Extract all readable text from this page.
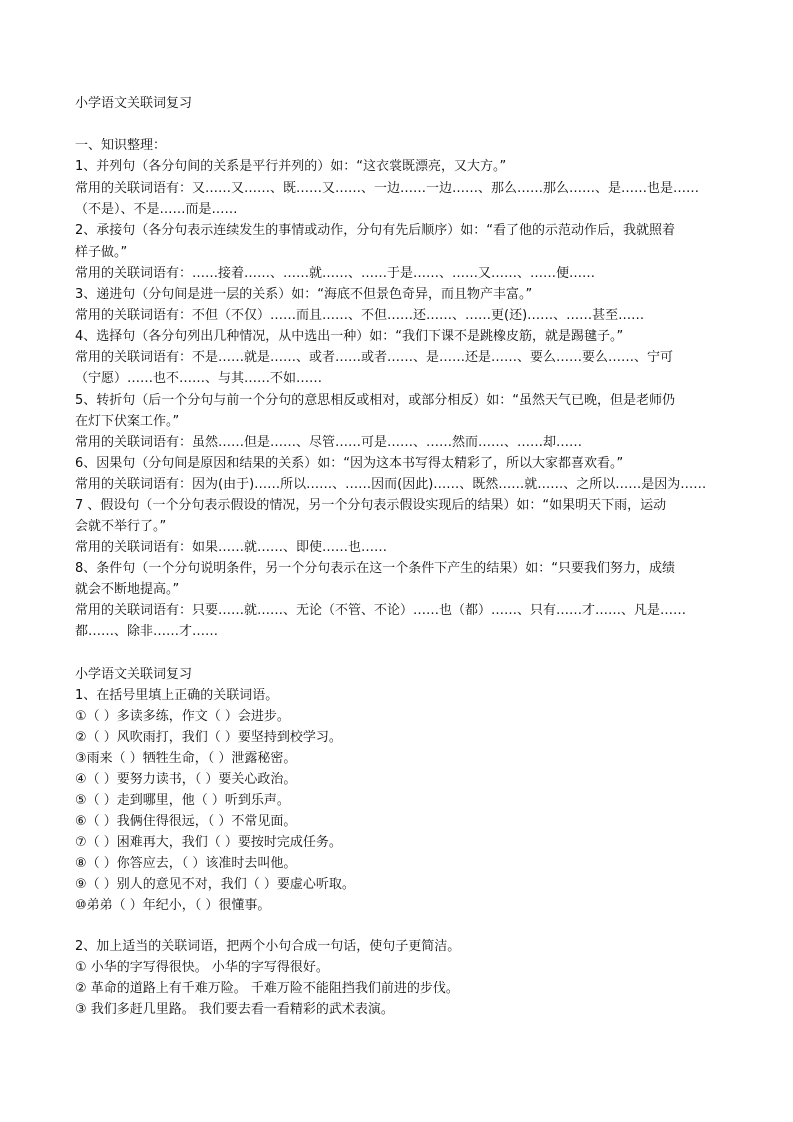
小学语文关联词复习
一、知识整理：
1、并列句（各分句间的关系是平行并列的）如：“这衣裳既漂亮，又大方。”
常用的关联词语有：又……又……、既……又……、一边……一边……、那么……那么……、是……也是……
（不是）、不是……而是……
2、承接句（各分句表示连续发生的事情或动作，分句有先后顺序）如：“看了他的示范动作后，我就照着
样子做。”
常用的关联词语有：……接着……、……就……、……于是……、……又……、……便……
3、递进句（分句间是进一层的关系）如：“海底不但景色奇异，而且物产丰富。”
常用的关联词语有：不但（不仅）……而且……、不但……还……、……更(还)……、……甚至……
4、选择句（各分句列出几种情况，从中选出一种）如：“我们下课不是跳橡皮筋，就是踢毽子。”
常用的关联词语有：不是……就是……、或者……或者……、是……还是……、要么……要么……、宁可
（宁愿）……也不……、与其……不如……
5、转折句（后一个分句与前一个分句的意思相反或相对，或部分相反）如：“虽然天气已晚，但是老师仍
在灯下伏案工作。”
常用的关联词语有：虽然……但是……、尽管……可是……、……然而……、……却……
6、因果句（分句间是原因和结果的关系）如：“因为这本书写得太精彩了，所以大家都喜欢看。”
常用的关联词语有：因为(由于)……所以……、……因而(因此)……、既然……就……、之所以……是因为……
7 、假设句（一个分句表示假设的情况，另一个分句表示假设实现后的结果）如：“如果明天下雨，运动
会就不举行了。”
常用的关联词语有：如果……就……、即使……也……
8、条件句（一个分句说明条件，另一个分句表示在这一个条件下产生的结果）如：“只要我们努力，成绩
就会不断地提高。”
常用的关联词语有：只要……就……、无论（不管、不论）……也（都）……、只有……才……、凡是……
都……、除非……才……
小学语文关联词复习
1、在括号里填上正确的关联词语。
①（ ）多读多练，作文（ ）会进步。
②（ ）风吹雨打，我们（ ）要坚持到校学习。
③雨来（ ）牺牲生命，（ ）泄露秘密。
④（ ）要努力读书，（ ）要关心政治。
⑤（ ）走到哪里，他（ ）听到乐声。
⑥（ ）我俩住得很远，（ ）不常见面。
⑦（ ）困难再大，我们（ ）要按时完成任务。
⑧（ ）你答应去，（ ）该准时去叫他。
⑨（ ）别人的意见不对，我们（ ）要虚心听取。
⑩弟弟（ ）年纪小，（ ）很懂事。
2、加上适当的关联词语，把两个小句合成一句话，使句子更简洁。
① 小华的字写得很快。 小华的字写得很好。
② 革命的道路上有千难万险。 千难万险不能阻挡我们前进的步伐。
③ 我们多赶几里路。 我们要去看一看精彩的武术表演。
